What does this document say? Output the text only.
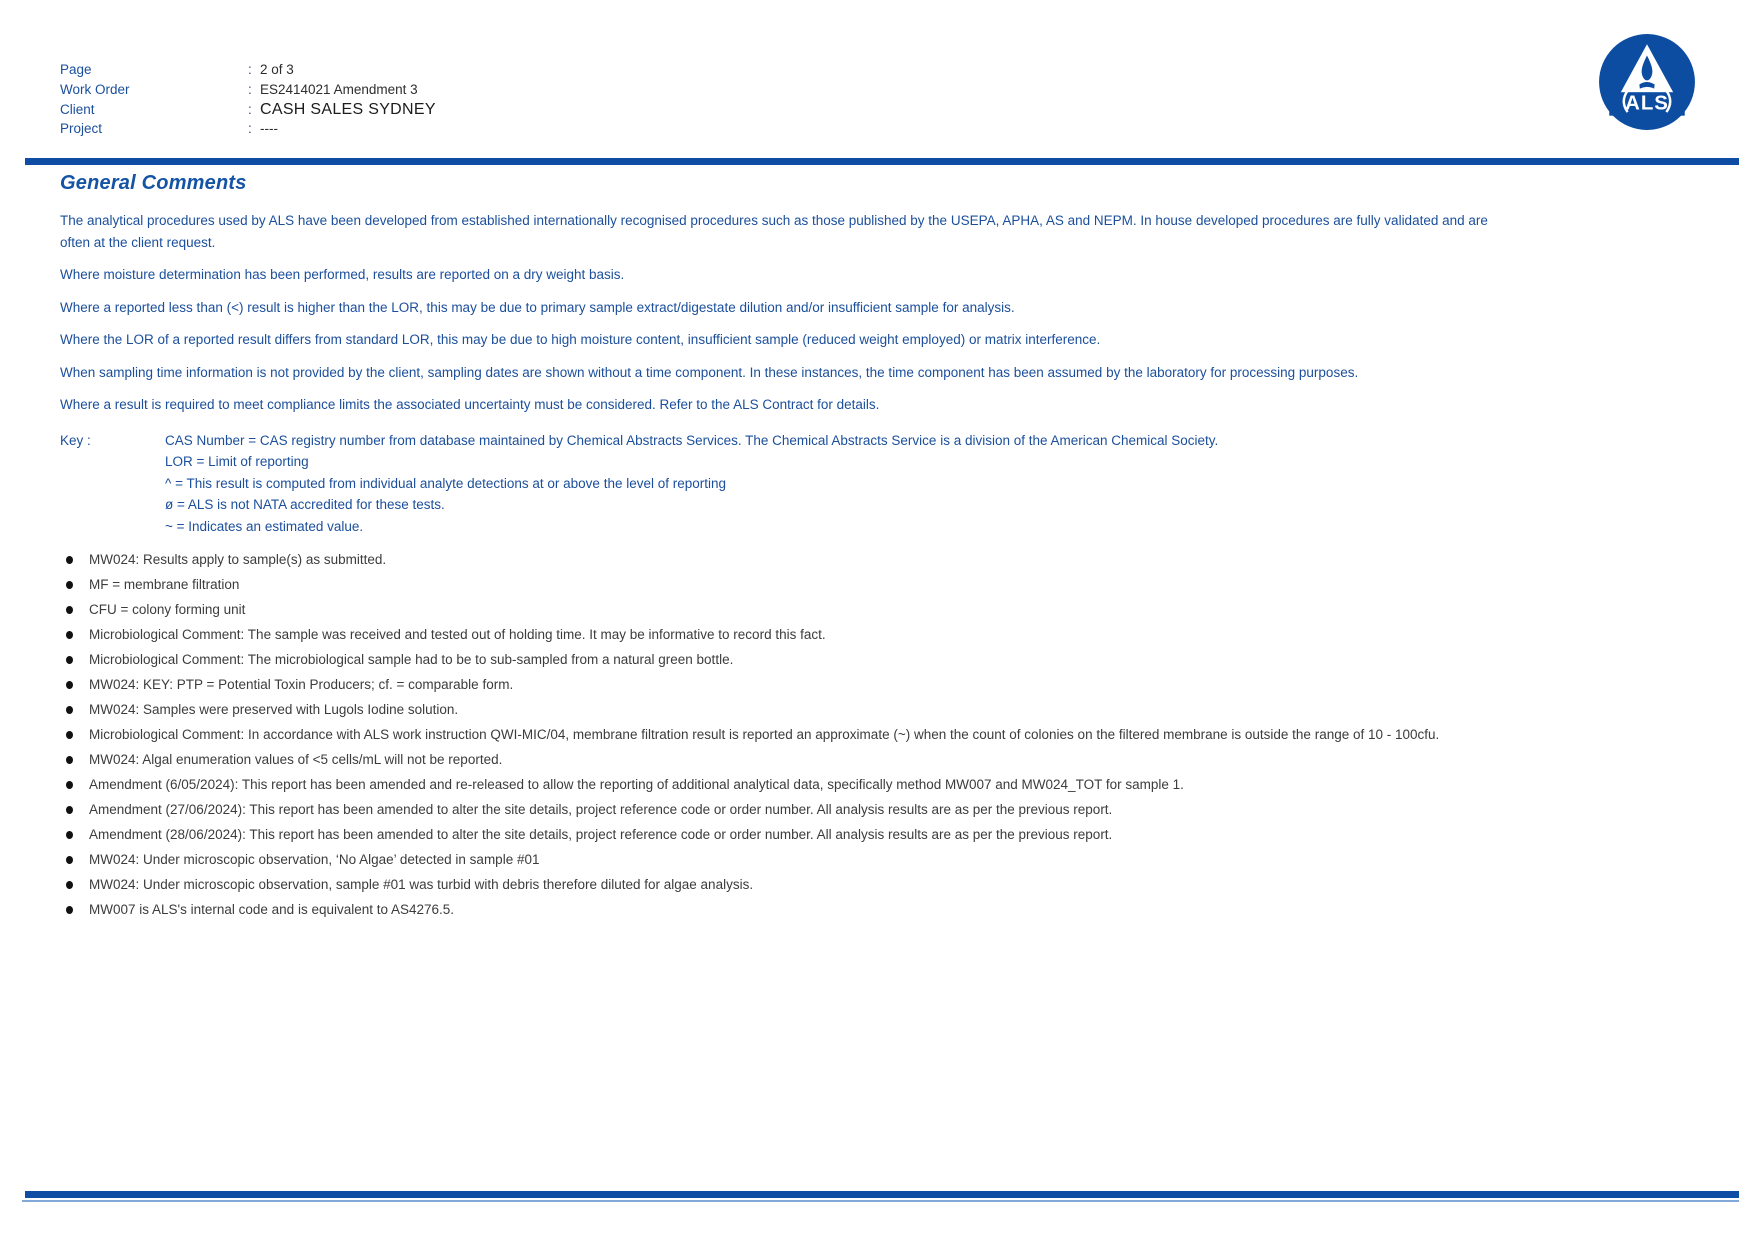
Page	: 2 of 3
Work Order	: ES2414021 Amendment 3
Client	: CASH SALES SYDNEY
Project	: ----
ALS
General Comments

The analytical procedures used by ALS have been developed from established internationally recognised procedures such as those published by the USEPA, APHA, AS and NEPM. In house developed procedures are fully validated and are often at the client request.

Where moisture determination has been performed, results are reported on a dry weight basis.

Where a reported less than (<) result is higher than the LOR, this may be due to primary sample extract/digestate dilution and/or insufficient sample for analysis.

Where the LOR of a reported result differs from standard LOR, this may be due to high moisture content, insufficient sample (reduced weight employed) or matrix interference.

When sampling time information is not provided by the client, sampling dates are shown without a time component. In these instances, the time component has been assumed by the laboratory for processing purposes.

Where a result is required to meet compliance limits the associated uncertainty must be considered. Refer to the ALS Contract for details.

Key :	CAS Number = CAS registry number from database maintained by Chemical Abstracts Services. The Chemical Abstracts Service is a division of the American Chemical Society.
LOR = Limit of reporting
^ = This result is computed from individual analyte detections at or above the level of reporting
ø = ALS is not NATA accredited for these tests.
~ = Indicates an estimated value.
MW024: Results apply to sample(s) as submitted.
MF = membrane filtration
CFU = colony forming unit
Microbiological Comment: The sample was received and tested out of holding time. It may be informative to record this fact.
Microbiological Comment: The microbiological sample had to be to sub-sampled from a natural green bottle.
MW024: KEY: PTP = Potential Toxin Producers; cf. = comparable form.
MW024: Samples were preserved with Lugols Iodine solution.
Microbiological Comment: In accordance with ALS work instruction QWI-MIC/04, membrane filtration result is reported an approximate (~) when the count of colonies on the filtered membrane is outside the range of 10 - 100cfu.
MW024: Algal enumeration values of <5 cells/mL will not be reported.
Amendment (6/05/2024): This report has been amended and re-released to allow the reporting of additional analytical data, specifically method MW007 and MW024_TOT for sample 1.
Amendment (27/06/2024): This report has been amended to alter the site details, project reference code or order number. All analysis results are as per the previous report.
Amendment (28/06/2024): This report has been amended to alter the site details, project reference code or order number. All analysis results are as per the previous report.
MW024: Under microscopic observation, ‘No Algae’ detected in sample #01
MW024: Under microscopic observation, sample #01 was turbid with debris therefore diluted for algae analysis.
MW007 is ALS's internal code and is equivalent to AS4276.5.
